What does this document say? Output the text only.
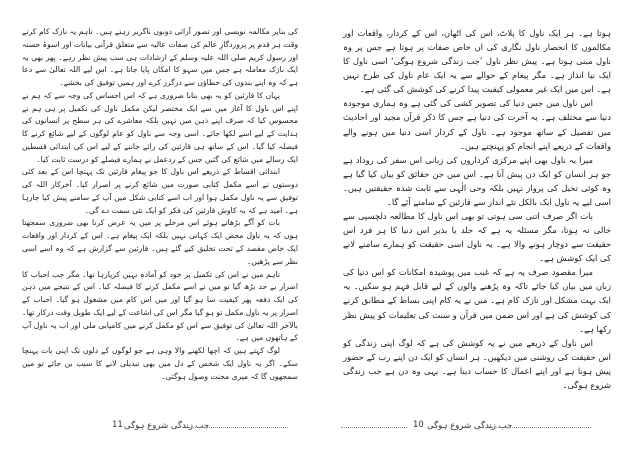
کی بناپر مکالمہ نویسی اور تصور آرائی دونوں ناگزیر رہتے ہیں۔ تاہم یہ نازک کام کرتے وقت ہر قدم پر پروردگارِ عالم کی صفات عالیہ سے متعلق قرآنی بیانات اور اسوۂ حسنہ اور رسول کریم صلی اللہ علیہ وسلم کے ارشادات ہی سب پیش نظر رہے۔ پھر بھی یہ ایک نازک معاملہ ہے جس میں سہو کا امکان پایا جاتا ہے۔ اس لیے اللہ تعالیٰ سے دعا ہے کہ وہ اپنے بندوں کی خطاؤں سے درگزر کرے اور ہمیں توفیق کی بخشے۔

یہاں کا قارئین کو یہ بھی بتانا ضروری ہے کہ اس احساس کی وجہ سے کہ ہم نے اپنے اس ناول کا آغاز میں سے ایک مختصر لیکن مکمل ناول کی تکمیل پر ہی ہم نے محسوس کیا کہ صرف اپنے ذہن میں نہیں بلکہ معاشرے کی ہر سطح پر انسانوں کی ہدایت کے لیے اسے لکھا جائے۔ اسی وجہ سے ناول کو عام لوگوں کے لیے شائع کرنے کا فیصلہ کیا گیا۔ اس کے ساتھ ہی قارئین کی رائے جاننے کے لیے اس کی ابتدائی قسطیں ایک رسالے میں شائع کی گئیں جس کے ردعمل نے ہمارے فیصلے کو درست ثابت کیا۔

ابتدائی اقساط کے ذریعے اس ناول کا جو پیغام قارئین تک پہنچا اس کے بعد کئی دوستوں نے اسے مکمل کتابی صورت میں شائع کرنے پر اصرار کیا۔ آخرکار اللہ کی توفیق سے یہ ناول مکمل ہوا اور اب اسے کتابی شکل میں آپ کے سامنے پیش کیا جارہا ہے۔ امید ہے کہ یہ کاوش قارئین کی فکر کو ایک نئی سمت دے گی۔

بات کو آگے بڑھاتے ہوئے اس مرحلے پر میں یہ عرض کرنا بھی ضروری سمجھتا ہوں کہ یہ ناول محض ایک کہانی نہیں بلکہ ایک پیغام ہے۔ اس کے کردار اور واقعات ایک خاص مقصد کے تحت تخلیق کیے گئے ہیں۔ قارئین سے گزارش ہے کہ وہ اسے اسی نظر سے پڑھیں۔

تاہم میں نے اس کی تکمیل پر خود کو آمادہ نہیں کرپارہا تھا۔ مگر جب احباب کا اصرار بے حد بڑھ گیا تو میں نے اسے مکمل کرنے کا فیصلہ کیا۔ اس کے نتیجے میں ذہن کی ایک دفعہ پھر کیفیت سا ہو گیا اور میں اس کام میں مشغول ہو گیا۔ احباب کے اصرار پر یہ ناول مکمل تو ہو گیا مگر اس کی اشاعت کے لیے ایک طویل وقت درکار تھا۔ بالآخر اللہ تعالیٰ کی توفیق سے اس کو مکمل کرنے میں کامیابی ملی اور اب یہ ناول آپ کے ہاتھوں میں ہے۔

لوگ کہتے ہیں کہ اچھا لکھنے والا وہی ہے جو لوگوں کے دلوں تک اپنی بات پہنچا سکے۔ اگر یہ ناول ایک شخص کے دل میں بھی تبدیلی لانے کا سبب بن جائے تو میں سمجھوں گا کہ میری محنت وصول ہوگئی۔

11 جب زندگی شروع ہوگی

ہوتا ہے۔ ہر ایک ناول کا پلاٹ، اس کی اٹھان، اس کے کردار، واقعات اور مکالموں کا انحصار ناول نگاری کی ان خاص صفات پر ہوتا ہے جس پر وہ ناول مبنی ہوتا ہے۔ پیش نظر ناول ’جب زندگی شروع ہوگی‘ اسی ناول کا ایک نیا انداز ہے۔ مگر پیغام کے حوالے سے یہ ایک عام ناول کی طرح نہیں ہے۔ اس میں ایک غیر معمولی کیفیت پیدا کرنے کی کوشش کی گئی ہے۔

اس ناول میں جس دنیا کی تصویر کشی کی گئی ہے وہ ہماری موجودہ دنیا سے مختلف ہے۔ یہ آخرت کی دنیا ہے جس کا ذکر قرآن مجید اور احادیث میں تفصیل کے ساتھ موجود ہے۔ ناول کے کردار اسی دنیا میں ہونے والے واقعات کے ذریعے اپنے انجام کو پہنچتے ہیں۔

میرا یہ ناول بھی اپنے مرکزی کرداروں کی زبانی اس سفر کی روداد ہے جو ہر انسان کو ایک دن پیش آنا ہے۔ اس میں جن حقائق کو بیان کیا گیا ہے وہ کوئی تخیل کی پرواز نہیں بلکہ وحی الٰہی سے ثابت شدہ حقیقتیں ہیں۔ اسی لیے یہ ناول ایک بالکل نئے انداز سے قارئین کے سامنے آئے گا۔

بات اگر صرف اتنی سی ہوتی تو بھی اس ناول کا مطالعہ دلچسپی سے خالی نہ ہوتا، مگر مسئلہ یہ ہے کہ جلد یا بدیر اس دنیا کا ہر فرد اس حقیقت سے دوچار ہونے والا ہے۔ یہ ناول اسی حقیقت کو ہمارے سامنے لانے کی ایک کوشش ہے۔

میرا مقصود صرف یہ ہے کہ غیب میں پوشیدہ امکانات کو اس دنیا کی زبان میں بیان کیا جائے تاکہ وہ پڑھنے والوں کے لیے قابل فہم ہو سکیں۔ یہ ایک بہت مشکل اور نازک کام ہے۔ میں نے یہ کام اپنی بساط کے مطابق کرنے کی کوشش کی ہے اور اس ضمن میں قرآن و سنت کی تعلیمات کو پیش نظر رکھا ہے۔

اس ناول کے ذریعے میں نے یہ کوشش کی ہے کہ لوگ اپنی زندگی کو اس حقیقت کی روشنی میں دیکھیں۔ ہر انسان کو ایک دن اپنے رب کے حضور پیش ہونا ہے اور اپنے اعمال کا حساب دینا ہے۔ یہی وہ دن ہے جب زندگی شروع ہوگی۔

10 جب زندگی شروع ہوگی
